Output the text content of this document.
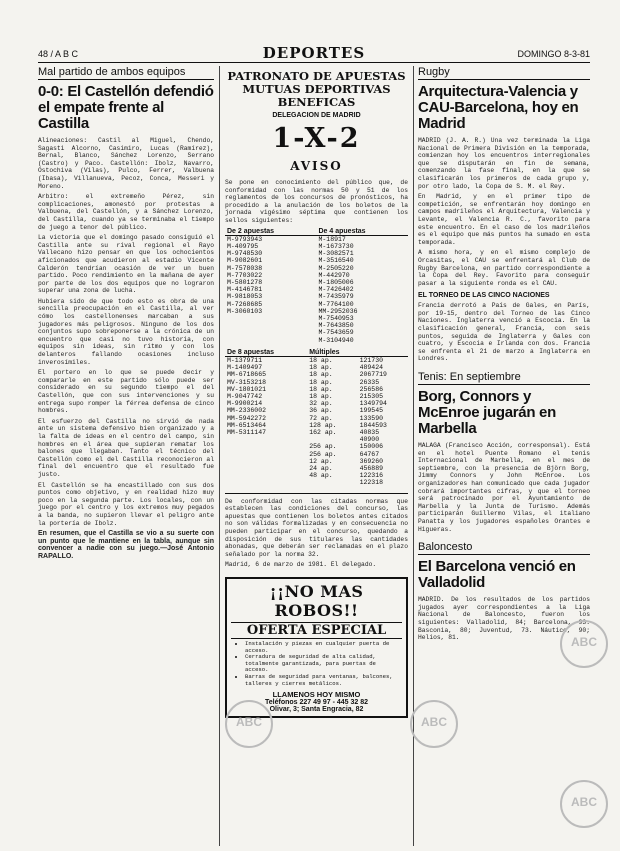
48 / A B C	DEPORTES	DOMINGO 8-3-81
Mal partido de ambos equipos
0-0: El Castellón defendió el empate frente al Castilla

Alineaciones: Castil al Miguel, Chendo, Sagasti Alcorno, Casimiro, Lucas (Ramírez), Bernal, Blanco, Sánchez Lorenzo, Serrano (Castro) y Paco. Castellón: Ibolz, Navarro, Ostochiva (Vilas), Pulco, Ferrer, Valbuena (Ibasa), Villanueva, Pecoz, Conca, Messeri y Moreno.

Arbitro: el extremeño Pérez, sin complicaciones, amonestó por protestas a Valbuena, del Castellón, y a Sánchez Lorenzo, del Castilla, cuando ya se terminaba el tiempo de juego a tenor del público.

La victoria que el domingo pasado consiguió el Castilla ante su rival regional el Rayo Vallecano hizo pensar en que los ochocientos aficionados que acudieron al estadio Vicente Calderón tendrían ocasión de ver un buen partido. Poco rendimiento en la mañana de ayer por parte de los dos equipos que no lograron superar una zona de lucha.

Hubiera sido de que todo esto es obra de una sencilla preocupación en el Castilla, al ver cómo los castellonenses marcaban a sus jugadores más peligrosos. Ninguno de los dos conjuntos supo sobreponerse a la crónica de un encuentro que casi no tuvo historia, con equipos sin ideas, sin ritmo y con los delanteros fallando ocasiones incluso inverosímiles.

El portero en lo que se puede decir y compararle en este partido sólo puede ser considerado en su segundo tiempo el del Castellón, que con sus intervenciones y su entrega supo romper la férrea defensa de cinco hombres.

El esfuerzo del Castilla no sirvió de nada ante un sistema defensivo bien organizado y a la falta de ideas en el centro del campo, sin hombres en el área que supieran rematar los balones que llegaban. Tanto el técnico del Castellón como el del Castilla reconocieron al final del encuentro que el resultado fue justo.

El Castellón se ha encastillado con sus dos puntos como objetivo, y en realidad hizo muy poco en la segunda parte. Los locales, con un juego por el centro y los extremos muy pegados a la banda, no supieron llevar el peligro ante la portería de Ibolz.

En resumen, que el Castilla se vio a su suerte con un punto que le mantiene en la tabla, aunque sin convencer a nadie con su juego.—José Antonio RAPALLO.

PATRONATO DE APUESTAS MUTUAS DEPORTIVAS BENEFICAS
DELEGACION DE MADRID
1-X-2
AVISO

Se pone en conocimiento del público que, de conformidad con las normas 50 y 51 de los reglamentos de los concursos de pronósticos, ha procedido a la anulación de los boletos de la jornada vigésimo séptima que contienen los sellos siguientes:

De 2 apuestas	De 4 apuestas
M-9793943	M-18917
M-409795	M-1673730
M-9748530	M-3082571
M-9082601	M-3516540
M-7578038	M-2505220
M-7703022	M-442970
M-5801278	M-1805006
M-4146781	M-7426402
M-9818053	M-7435979
M-7268685	M-7764100
M-3060103	MM-2952036
	M-7540953
	M-7643850
	M-7543659
	M-3104940
De 8 apuestas	Múltiples	
M-1379711	18 ap.	121730
M-1409497	18 ap.	489424
MM-6718665	18 ap.	2067719
MV-3153218	18 ap.	26335
MV-1801021	18 ap.	256586
M-9047742	18 ap.	215305
M-9900214	32 ap.	1349794
MM-2336002	36 ap.	199545
MM-5942272	72 ap.	133590
MM-6513464	128 ap.	1844593
MM-5311147	162 ap.	40835
		40900
	256 ap.	150006
	256 ap.	64767
	12 ap.	369260
	24 ap.	456889
	48 ap.	122316
		122318

De conformidad con las citadas normas que establecen las condiciones del concurso, las apuestas que contienen los boletos antes citados no son válidas formalizadas y en consecuencia no pueden participar en el concurso, quedando a disposición de sus titulares las cantidades abonadas, que deberán ser reclamadas en el plazo señalado por la norma 32.

Madrid, 6 de marzo de 1981. El delegado.

¡¡NO MAS ROBOS!!
OFERTA ESPECIAL
• Instalación y piezas en cualquier puerta de acceso.
• Cerradura de seguridad de alta calidad, totalmente garantizada, para puertas de acceso.
• Barras de seguridad para ventanas, balcones, talleres y cierres metálicos.
LLAMENOS HOY MISMO
Teléfonos 227 49 97 - 445 32 82
Olivar, 3; Santa Engracia, 82
Rugby
Arquitectura-Valencia y CAU-Barcelona, hoy en Madrid

MADRID (J. A. R.) Una vez terminada la Liga Nacional de Primera División en la temporada, comienzan hoy los encuentros interregionales que se disputarán en fin de semana, comenzando la fase final, en la que se clasificarán los primeros de cada grupo y, por otro lado, la Copa de S. M. el Rey.

En Madrid, y en el primer tipo de competición, se enfrentarán hoy domingo en campos madrileños el Arquitectura, Valencia y Levante, el Valencia R. C., favorito para este encuentro. En el caso de los madrileños es el equipo que más puntos ha sumado en esta temporada.

A mismo hora, y en el mismo complejo de Orcasitas, el CAU se enfrentará al Club de Rugby Barcelona, en partido correspondiente a la Copa del Rey. Favorito para conseguir pasar a la siguiente ronda es el CAU.

EL TORNEO DE LAS CINCO NACIONES

Francia derrotó a País de Gales, en París, por 19-15, dentro del Torneo de las Cinco Naciones. Inglaterra venció a Escocia. En la clasificación general, Francia, con seis puntos, seguida de Inglaterra y Gales con cuatro, y Escocia e Irlanda con dos. Francia se enfrenta el 21 de marzo a Inglaterra en Londres.

Tenis: En septiembre
Borg, Connors y McEnroe jugarán en Marbella

MALAGA (Francisco Acción, corresponsal). Está en el hotel Puente Romano el tenis Internacional de Marbella, en el mes de septiembre, con la presencia de Björn Borg, Jimmy Connors y John McEnroe. Los organizadores han comunicado que cada jugador cobrará importantes cifras, y que el torneo será patrocinado por el Ayuntamiento de Marbella y la Junta de Turismo. Además participarán Guillermo Vilas, el italiano Panatta y los jugadores españoles Orantes e Higueras.

Baloncesto
El Barcelona venció en Valladolid

MADRID. De los resultados de los partidos jugados ayer correspondientes a la Liga Nacional de Baloncesto, fueron los siguientes: Valladolid, 84; Barcelona, 93. Basconia, 80; Juventud, 73. Náutico, 90; Helios, 81.

ABC	ABC
ABC
ABC
